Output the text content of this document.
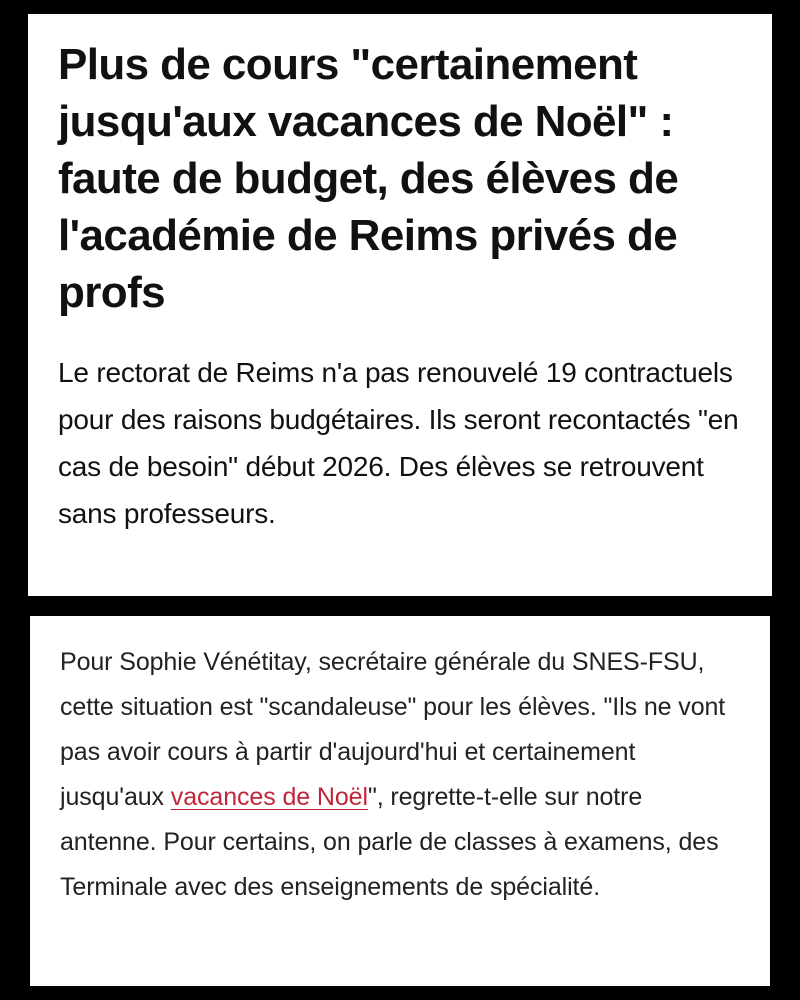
Plus de cours "certainement jusqu'aux vacances de Noël" : faute de budget, des élèves de l'académie de Reims privés de profs

Le rectorat de Reims n'a pas renouvelé 19 contractuels pour des raisons budgétaires. Ils seront recontactés "en cas de besoin" début 2026. Des élèves se retrouvent sans professeurs.

Pour Sophie Vénétitay, secrétaire générale du SNES-FSU, cette situation est "scandaleuse" pour les élèves. "Ils ne vont pas avoir cours à partir d'aujourd'hui et certainement jusqu'aux vacances de Noël", regrette-t-elle sur notre antenne. Pour certains, on parle de classes à examens, des Terminale avec des enseignements de spécialité.
